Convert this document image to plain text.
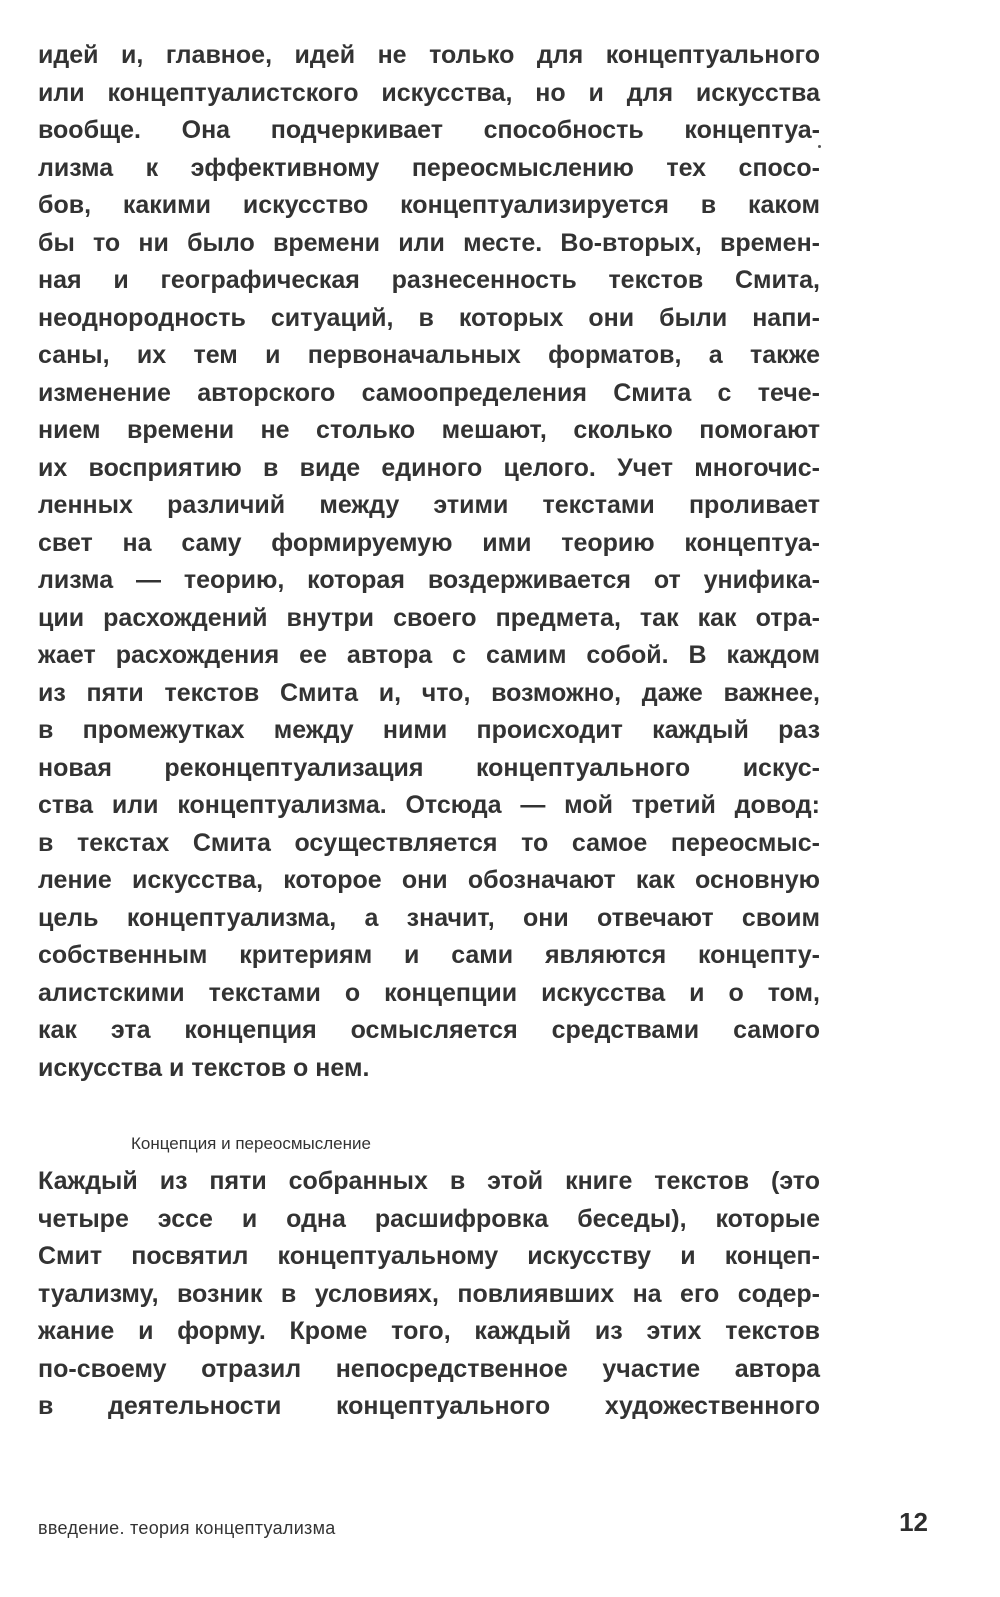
идей и, главное, идей не только для концептуального
или концептуалистского искусства, но и для искусства
вообще. Она подчеркивает способность концептуа-
лизма к эффективному переосмыслению тех спосо-
бов, какими искусство концептуализируется в каком
бы то ни было времени или месте. Во-вторых, времен-
ная и географическая разнесенность текстов Смита,
неоднородность ситуаций, в которых они были напи-
саны, их тем и первоначальных форматов, а также
изменение авторского самоопределения Смита с тече-
нием времени не столько мешают, сколько помогают
их восприятию в виде единого целого. Учет многочис-
ленных различий между этими текстами проливает
свет на саму формируемую ими теорию концептуа-
лизма — теорию, которая воздерживается от унифика-
ции расхождений внутри своего предмета, так как отра-
жает расхождения ее автора с самим собой. В каждом
из пяти текстов Смита и, что, возможно, даже важнее,
в промежутках между ними происходит каждый раз
новая реконцептуализация концептуального искус-
ства или концептуализма. Отсюда — мой третий довод:
в текстах Смита осуществляется то самое переосмыс-
ление искусства, которое они обозначают как основную
цель концептуализма, а значит, они отвечают своим
собственным критериям и сами являются концепту-
алистскими текстами о концепции искусства и о том,
как эта концепция осмысляется средствами самого
искусства и текстов о нем.
Концепция и переосмысление
Каждый из пяти собранных в этой книге текстов (это
четыре эссе и одна расшифровка беседы), которые
Смит посвятил концептуальному искусству и концеп-
туализму, возник в условиях, повлиявших на его содер-
жание и форму. Кроме того, каждый из этих текстов
по-своему отразил непосредственное участие автора
в деятельности концептуального художественного
введение. теория концептуализма	12
